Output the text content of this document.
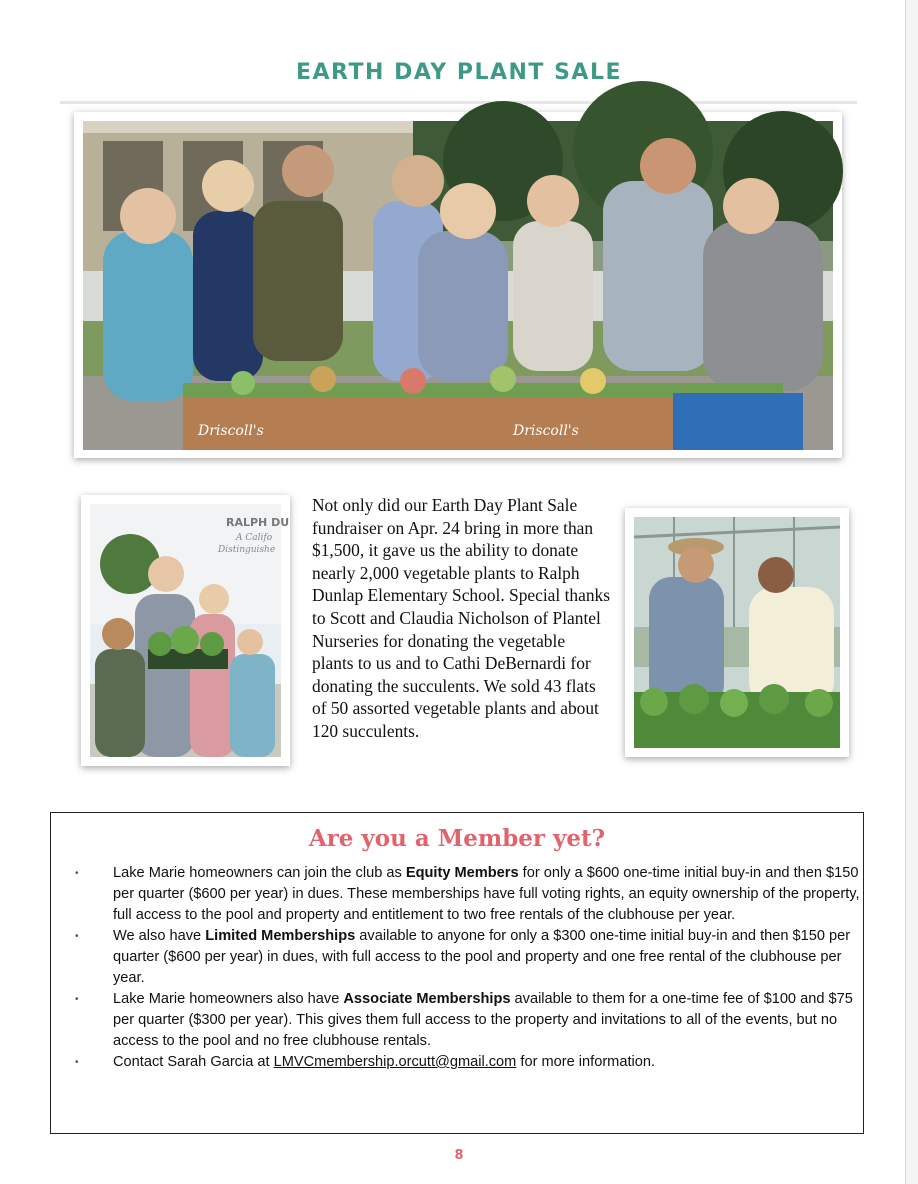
EARTH DAY PLANT SALE
Driscoll's	Driscoll's
RALPH DU
A Califo
Distinguishe
Not only did our Earth Day Plant Sale fundraiser on Apr. 24 bring in more than $1,500, it gave us the ability to donate nearly 2,000 vegetable plants to Ralph Dunlap Elementary School. Special thanks to Scott and Claudia Nicholson of Plantel Nurseries for donating the vegetable plants to us and to Cathi DeBernardi for donating the succulents. We sold 43 flats of 50 assorted vegetable plants and about 120 succulents.
Are you a Member yet?
• Lake Marie homeowners can join the club as Equity Members for only a $600 one-time initial buy-in and then $150 per quarter ($600 per year) in dues. These memberships have full voting rights, an equity ownership of the property, full access to the pool and property and entitlement to two free rentals of the clubhouse per year.
• We also have Limited Memberships available to anyone for only a $300 one-time initial buy-in and then $150 per quarter ($600 per year) in dues, with full access to the pool and property and one free rental of the clubhouse per year.
• Lake Marie homeowners also have Associate Memberships available to them for a one-time fee of $100 and $75 per quarter ($300 per year). This gives them full access to the property and invitations to all of the events, but no access to the pool and no free clubhouse rentals.
• Contact Sarah Garcia at LMVCmembership.orcutt@gmail.com for more information.
8
